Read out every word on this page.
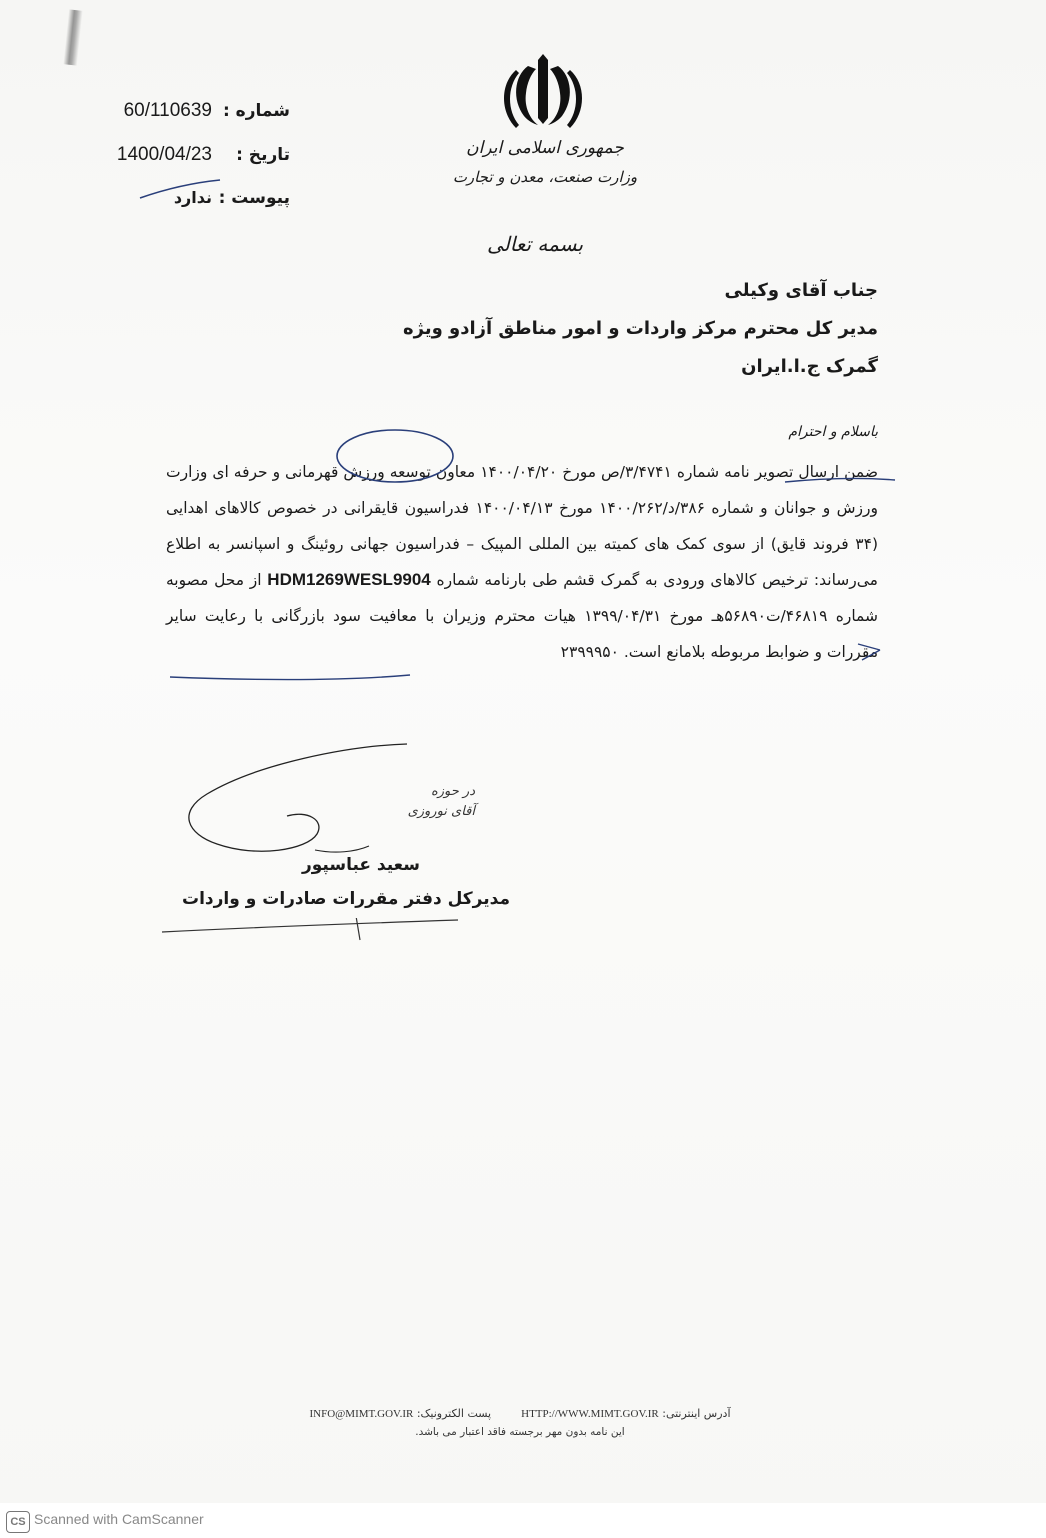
شماره :
60/110639
تاریخ :
1400/04/23
پیوست :
ندارد
جمهوری اسلامی ایران
وزارت صنعت، معدن و تجارت
بسمه تعالی
جناب آقای وکیلی
مدیر کل محترم مرکز واردات و امور مناطق آزادو ویژه
گمرک ج.ا.ایران
باسلام و احترام
ضمن ارسال تصویر نامه شماره ۳/۴۷۴۱/ص مورخ ۱۴۰۰/۰۴/۲۰ معاون توسعه ورزش قهرمانی و حرفه ای وزارت ورزش و جوانان و شماره ۳۸۶/د/۱۴۰۰/۲۶۲ مورخ ۱۴۰۰/۰۴/۱۳ فدراسیون قایقرانی در خصوص کالاهای اهدایی (۳۴ فروند قایق) از سوی کمک های کمیته بین المللی المپیک – فدراسیون جهانی روئینگ و اسپانسر به اطلاع می‌رساند: ترخیص کالاهای ورودی به گمرک قشم طی بارنامه شماره HDM1269WESL9904 از محل مصوبه شماره ۴۶۸۱۹/ت۵۶۸۹۰هـ مورخ ۱۳۹۹/۰۴/۳۱ هیات محترم وزیران با معافیت سود بازرگانی با رعایت سایر مقررات و ضوابط مربوطه بلامانع است. ۲۳۹۹۹۵۰
در حوزه
آقای نوروزی
سعید عباسپور
مدیرکل دفتر مقررات صادرات و واردات
آدرس اینترنتی: HTTP://WWW.MIMT.GOV.IR
پست الکترونیک: INFO@MIMT.GOV.IR
این نامه بدون مهر برجسته فاقد اعتبار می باشد.
CS Scanned with CamScanner
